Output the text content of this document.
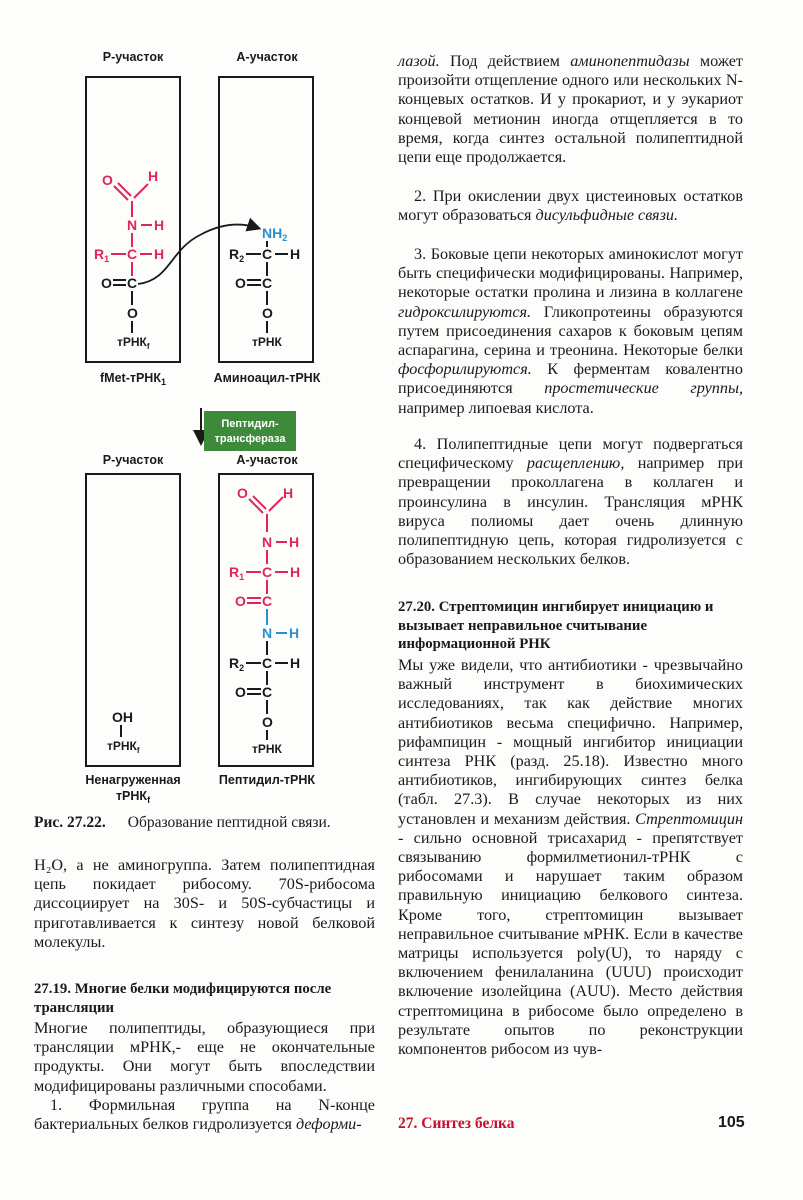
Р-участок	А-участок
O	H
N H
$R_1$ C H
O C
O
тРНК$_f$
$NH_2$
$R_2$ C H
O C
O
тРНК
fMet-тРНК$_1$	Аминоацил-тРНК
Пептидил-
трансфераза
Р-участок	А-участок
OH
тРНК$_f$
O	H
N H
$R_1$ C H
O C
N H
$R_2$ C H
O C
O
тРНК
Ненагруженная
тРНК$_f$
Пептидил-тРНК

Рис. 27.22. Образование пептидной связи.

H₂O, а не аминогруппа. Затем полипептидная цепь покидает рибосому. 70S-рибосома диссоциирует на 30S- и 50S-субчастицы и приготавливается к синтезу новой белковой молекулы.

27.19. Многие белки модифицируются после трансляции

Многие полипептиды, образующиеся при трансляции мРНК,- еще не окончательные продукты. Они могут быть впоследствии модифицированы различными способами.

1. Формильная группа на N-конце бактериальных белков гидролизуется деформи-

лазой. Под действием аминопептидазы может произойти отщепление одного или нескольких N-концевых остатков. И у прокариот, и у эукариот концевой метионин иногда отщепляется в то время, когда синтез остальной полипептидной цепи еще продолжается.

2. При окислении двух цистеиновых остатков могут образоваться дисульфидные связи.

3. Боковые цепи некоторых аминокислот могут быть специфически модифицированы. Например, некоторые остатки пролина и лизина в коллагене гидроксилируются. Гликопротеины образуются путем присоединения сахаров к боковым цепям аспарагина, серина и треонина. Некоторые белки фосфорилируются. К ферментам ковалентно присоединяются простетические группы, например липоевая кислота.

4. Полипептидные цепи могут подвергаться специфическому расщеплению, например при превращении проколлагена в коллаген и проинсулина в инсулин. Трансляция мРНК вируса полиомы дает очень длинную полипептидную цепь, которая гидролизуется с образованием нескольких белков.

27.20. Стрептомицин ингибирует инициацию и вызывает неправильное считывание информационной РНК

Мы уже видели, что антибиотики - чрезвычайно важный инструмент в биохимических исследованиях, так как действие многих антибиотиков весьма специфично. Например, рифампицин - мощный ингибитор инициации синтеза РНК (разд. 25.18). Известно много антибиотиков, ингибирующих синтез белка (табл. 27.3). В случае некоторых из них установлен и механизм действия. Стрептомицин - сильно основной трисахарид - препятствует связыванию формилметионил-тРНК с рибосомами и нарушает таким образом правильную инициацию белкового синтеза. Кроме того, стрептомицин вызывает неправильное считывание мРНК. Если в качестве матрицы используется poly(U), то наряду с включением фенилаланина (UUU) происходит включение изолейцина (AUU). Место действия стрептомицина в рибосоме было определено в результате опытов по реконструкции компонентов рибосом из чув-

27. Синтез белка	105
